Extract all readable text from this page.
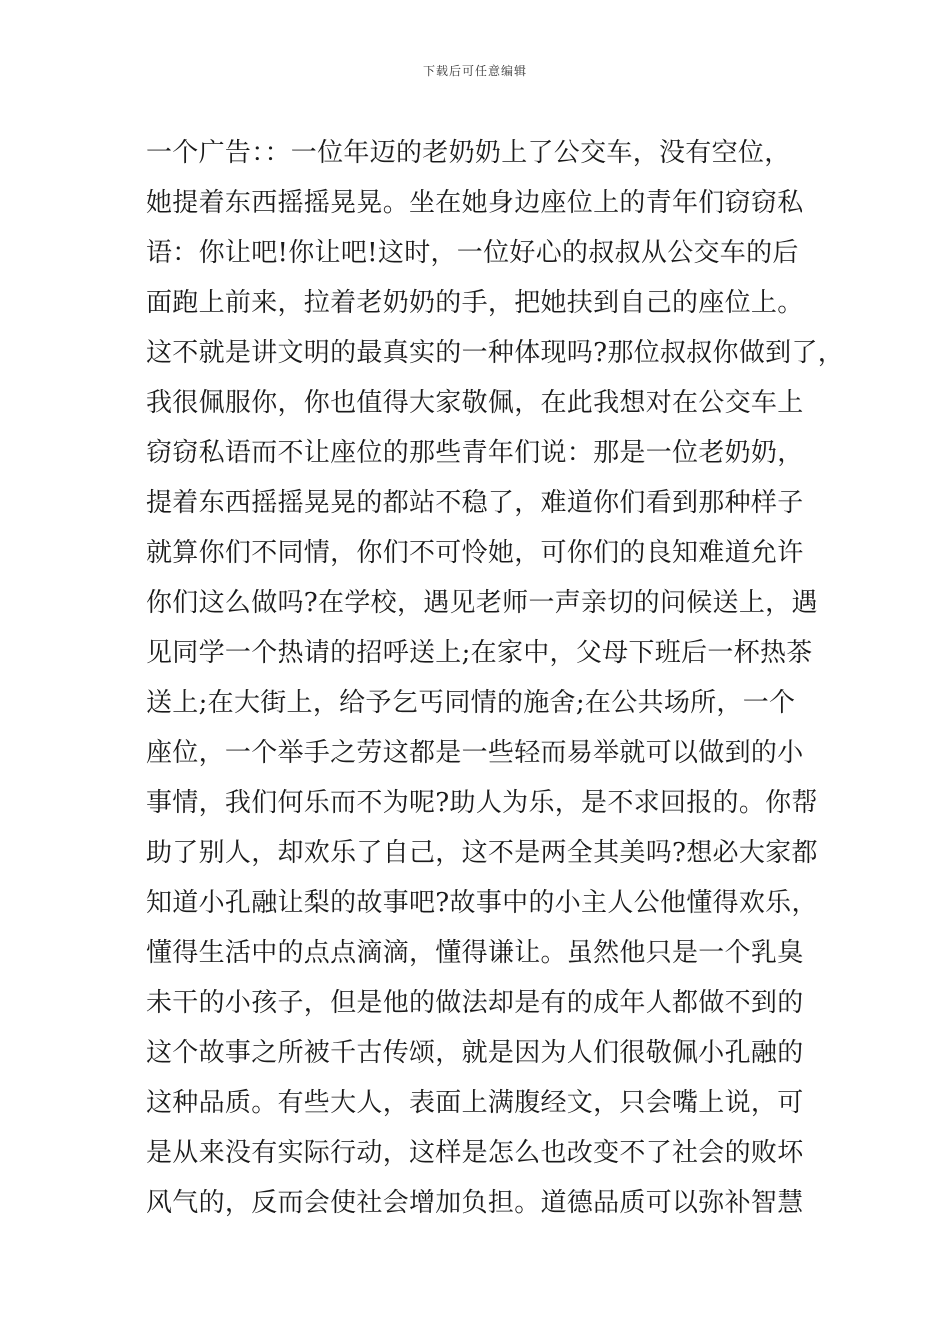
下载后可任意编辑
一个广告：：一位年迈的老奶奶上了公交车，没有空位，
她提着东西摇摇晃晃。坐在她身边座位上的青年们窃窃私
语：你让吧!你让吧!这时，一位好心的叔叔从公交车的后
面跑上前来，拉着老奶奶的手，把她扶到自己的座位上。
这不就是讲文明的最真实的一种体现吗?那位叔叔你做到了，
我很佩服你，你也值得大家敬佩，在此我想对在公交车上
窃窃私语而不让座位的那些青年们说：那是一位老奶奶，
提着东西摇摇晃晃的都站不稳了，难道你们看到那种样子
就算你们不同情，你们不可怜她，可你们的良知难道允许
你们这么做吗?在学校，遇见老师一声亲切的问候送上，遇
见同学一个热请的招呼送上;在家中，父母下班后一杯热茶
送上;在大街上，给予乞丐同情的施舍;在公共场所，一个
座位，一个举手之劳这都是一些轻而易举就可以做到的小
事情，我们何乐而不为呢?助人为乐，是不求回报的。你帮
助了别人，却欢乐了自己，这不是两全其美吗?想必大家都
知道小孔融让梨的故事吧?故事中的小主人公他懂得欢乐，
懂得生活中的点点滴滴，懂得谦让。虽然他只是一个乳臭
未干的小孩子，但是他的做法却是有的成年人都做不到的
这个故事之所被千古传颂，就是因为人们很敬佩小孔融的
这种品质。有些大人，表面上满腹经文，只会嘴上说，可
是从来没有实际行动，这样是怎么也改变不了社会的败坏
风气的，反而会使社会增加负担。道德品质可以弥补智慧
